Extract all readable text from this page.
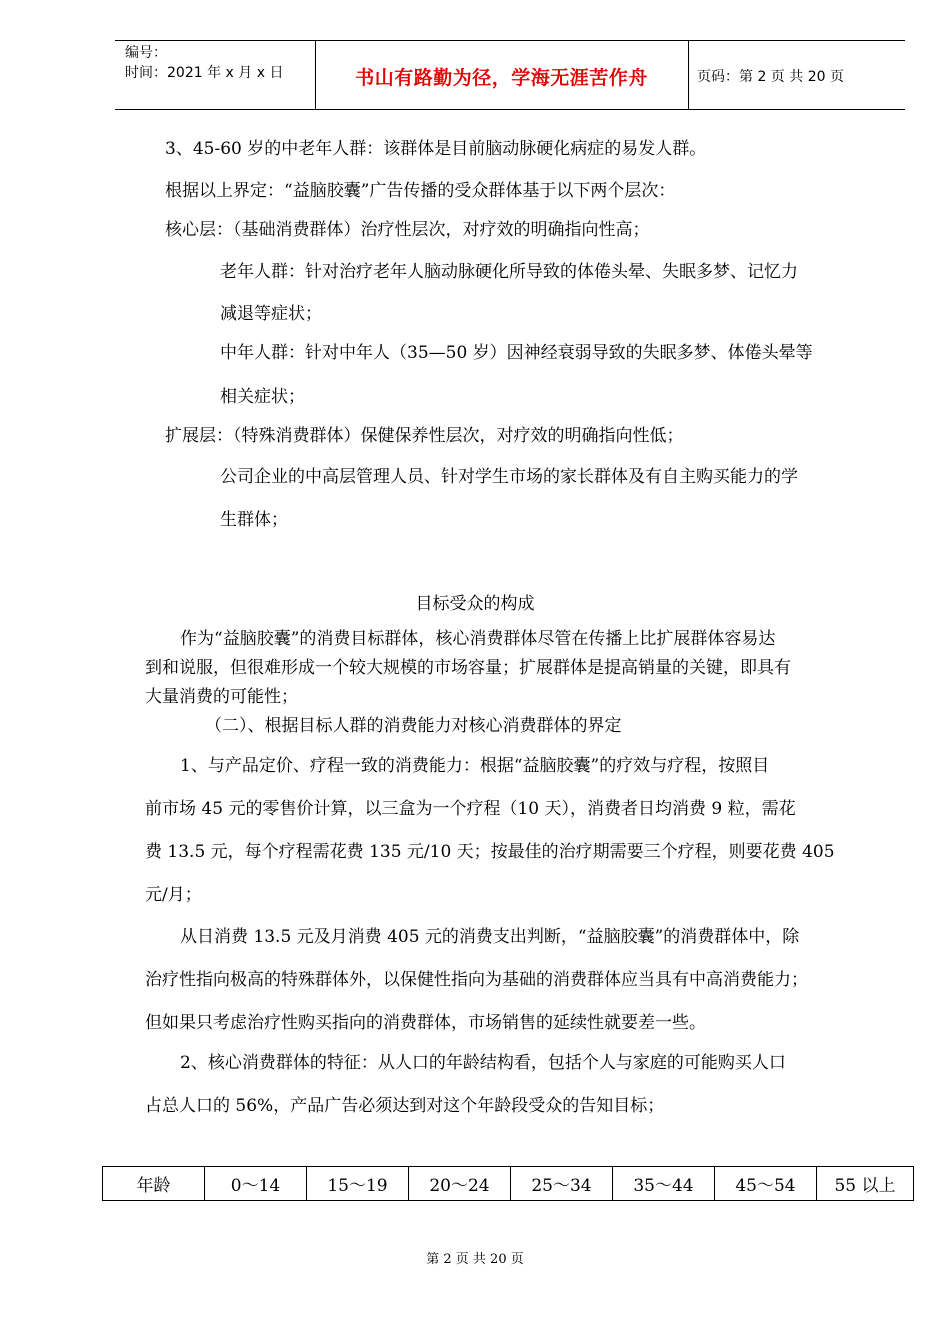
编号：
时间：2021 年 x 月 x 日	书山有路勤为径，学海无涯苦作舟	页码：第 2 页 共 20 页
3、45-60 岁的中老年人群：该群体是目前脑动脉硬化病症的易发人群。
根据以上界定：“益脑胶囊”广告传播的受众群体基于以下两个层次：
核心层：（基础消费群体）治疗性层次，对疗效的明确指向性高；
老年人群：针对治疗老年人脑动脉硬化所导致的体倦头晕、失眠多梦、记忆力
减退等症状；
中年人群：针对中年人（35—50 岁）因神经衰弱导致的失眠多梦、体倦头晕等
相关症状；
扩展层：（特殊消费群体）保健保养性层次，对疗效的明确指向性低；
公司企业的中高层管理人员、针对学生市场的家长群体及有自主购买能力的学
生群体；
目标受众的构成
作为“益脑胶囊”的消费目标群体，核心消费群体尽管在传播上比扩展群体容易达
到和说服，但很难形成一个较大规模的市场容量；扩展群体是提高销量的关键，即具有
大量消费的可能性；
（二）、根据目标人群的消费能力对核心消费群体的界定
1、与产品定价、疗程一致的消费能力：根据“益脑胶囊”的疗效与疗程，按照目
前市场 45 元的零售价计算，以三盒为一个疗程（10 天），消费者日均消费 9 粒，需花
费 13.5 元，每个疗程需花费 135 元/10 天；按最佳的治疗期需要三个疗程，则要花费 405
元/月；
从日消费 13.5 元及月消费 405 元的消费支出判断，“益脑胶囊”的消费群体中，除
治疗性指向极高的特殊群体外，以保健性指向为基础的消费群体应当具有中高消费能力；
但如果只考虑治疗性购买指向的消费群体，市场销售的延续性就要差一些。
2、核心消费群体的特征：从人口的年龄结构看，包括个人与家庭的可能购买人口
占总人口的 56%，产品广告必须达到对这个年龄段受众的告知目标；
年龄	0～14	15～19	20～24	25～34	35～44	45～54	55 以上
第 2 页 共 20 页
